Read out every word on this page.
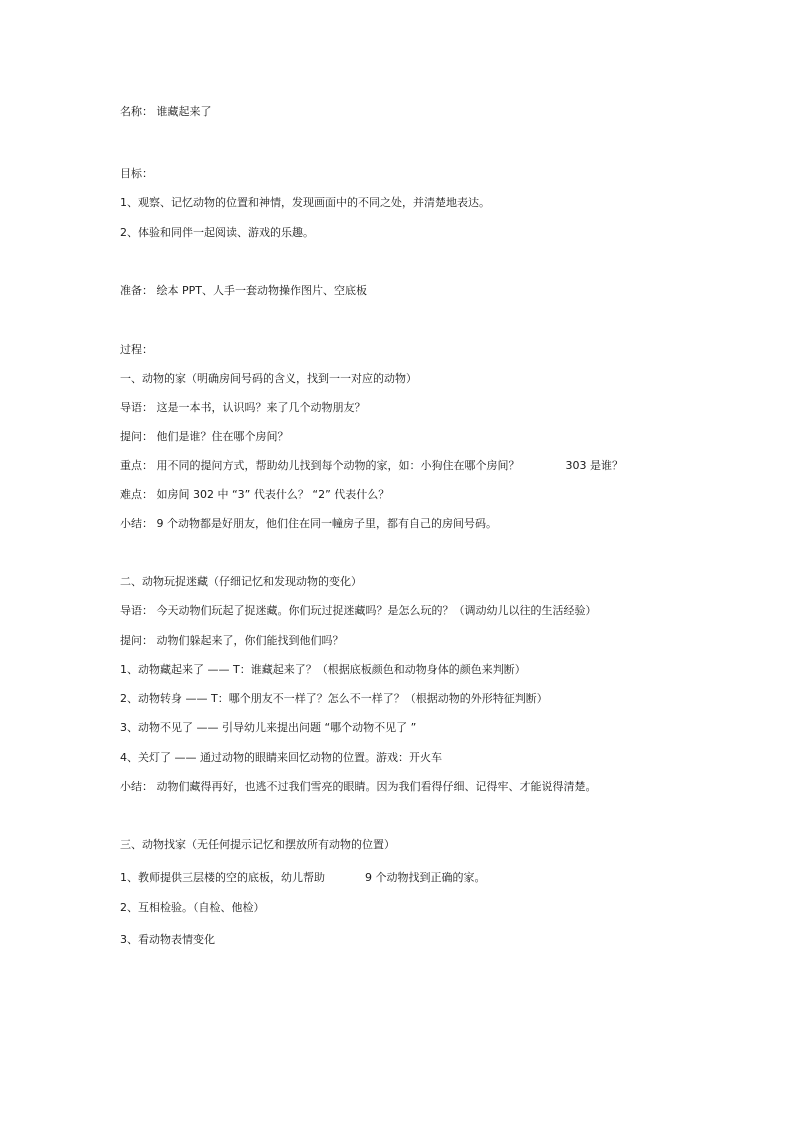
名称： 谁藏起来了
目标：
1、观察、记忆动物的位置和神情，发现画面中的不同之处，并清楚地表达。
2、体验和同伴一起阅读、游戏的乐趣。
准备： 绘本 PPT、人手一套动物操作图片、空底板
过程：
一、动物的家（明确房间号码的含义，找到一一对应的动物）
导语： 这是一本书，认识吗？来了几个动物朋友？
提问： 他们是谁？住在哪个房间？
重点： 用不同的提问方式，帮助幼儿找到每个动物的家，如：小狗住在哪个房间？	303 是谁？
难点： 如房间 302 中 “3” 代表什么？ “2” 代表什么？
小结： 9 个动物都是好朋友，他们住在同一幢房子里，都有自己的房间号码。
二、动物玩捉迷藏（仔细记忆和发现动物的变化）
导语： 今天动物们玩起了捉迷藏。你们玩过捉迷藏吗？是怎么玩的？（调动幼儿以往的生活经验）
提问： 动物们躲起来了，你们能找到他们吗？
1、动物藏起来了 —— T：谁藏起来了？（根据底板颜色和动物身体的颜色来判断）
2、动物转身 —— T：哪个朋友不一样了？怎么不一样了？（根据动物的外形特征判断）
3、动物不见了 —— 引导幼儿来提出问题 “哪个动物不见了 ”
4、关灯了 —— 通过动物的眼睛来回忆动物的位置。游戏：开火车
小结： 动物们藏得再好，也逃不过我们雪亮的眼睛。因为我们看得仔细、记得牢、才能说得清楚。
三、动物找家（无任何提示记忆和摆放所有动物的位置）
1、教师提供三层楼的空的底板，幼儿帮助	9 个动物找到正确的家。
2、互相检验。（自检、他检）
3、看动物表情变化
